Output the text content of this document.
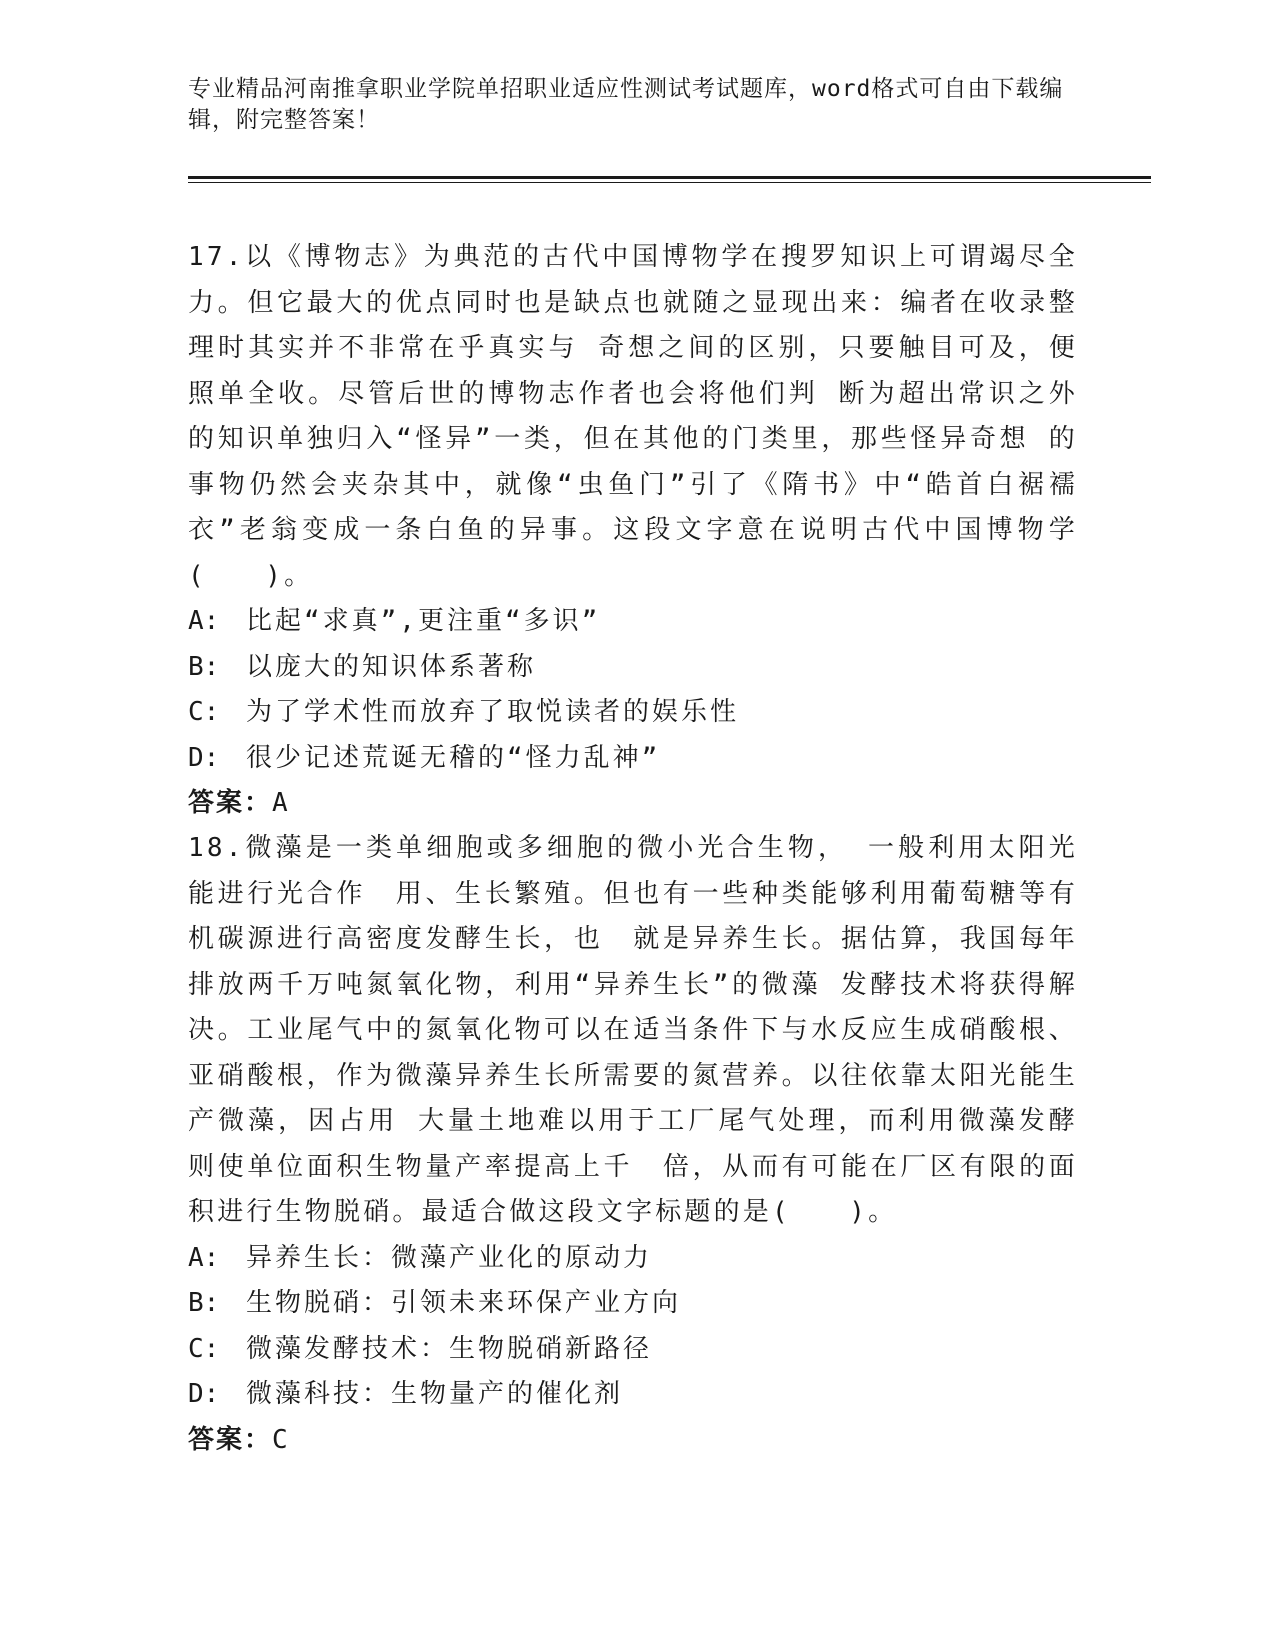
专业精品河南推拿职业学院单招职业适应性测试考试题库，word格式可自由下载编辑，附完整答案！

17.以《博物志》为典范的古代中国博物学在搜罗知识上可谓竭尽全力。但它最大的优点同时也是缺点也就随之显现出来：编者在收录整理时其实并不非常在乎真实与 奇想之间的区别，只要触目可及，便照单全收。尽管后世的博物志作者也会将他们判 断为超出常识之外的知识单独归入“怪异”一类，但在其他的门类里，那些怪异奇想 的事物仍然会夹杂其中，就像“虫鱼门”引了《隋书》中“皓首白裾襦衣”老翁变成一条白鱼的异事。这段文字意在说明古代中国博物学(　　)。

A: 比起“求真”,更注重“多识”

B: 以庞大的知识体系著称

C: 为了学术性而放弃了取悦读者的娱乐性

D: 很少记述荒诞无稽的“怪力乱神”

答案：A

18.微藻是一类单细胞或多细胞的微小光合生物， 一般利用太阳光能进行光合作　用、生长繁殖。但也有一些种类能够利用葡萄糖等有机碳源进行高密度发酵生长，也　就是异养生长。据估算，我国每年排放两千万吨氮氧化物，利用“异养生长”的微藻 发酵技术将获得解决。工业尾气中的氮氧化物可以在适当条件下与水反应生成硝酸根、 亚硝酸根，作为微藻异养生长所需要的氮营养。以往依靠太阳光能生产微藻，因占用 大量土地难以用于工厂尾气处理，而利用微藻发酵则使单位面积生物量产率提高上千　倍，从而有可能在厂区有限的面积进行生物脱硝。最适合做这段文字标题的是(　　)。

A: 异养生长：微藻产业化的原动力

B: 生物脱硝：引领未来环保产业方向

C: 微藻发酵技术：生物脱硝新路径

D: 微藻科技：生物量产的催化剂

答案：C
